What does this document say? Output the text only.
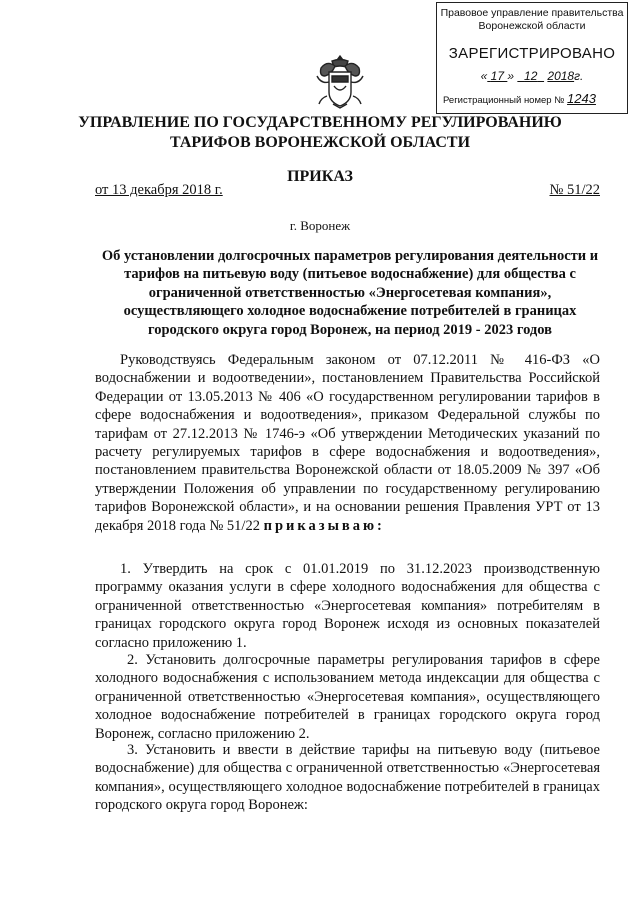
Правовое управление правительства
Воронежской области
ЗАРЕГИСТРИРОВАНО
« 17 »   12 2018г.
Регистрационный номер № 1243
УПРАВЛЕНИЕ ПО ГОСУДАРСТВЕННОМУ РЕГУЛИРОВАНИЮ
ТАРИФОВ ВОРОНЕЖСКОЙ ОБЛАСТИ
ПРИКАЗ
от 13 декабря 2018 г.	№ 51/22
г. Воронеж
Об установлении долгосрочных параметров регулирования деятельности и тарифов на питьевую воду (питьевое водоснабжение) для общества с ограниченной ответственностью «Энергосетевая компания», осуществляющего холодное водоснабжение потребителей в границах городского округа город Воронеж, на период 2019 - 2023 годов
Руководствуясь Федеральным законом от 07.12.2011 № 416-ФЗ «О водоснабжении и водоотведении», постановлением Правительства Российской Федерации от 13.05.2013 № 406 «О государственном регулировании тарифов в сфере водоснабжения и водоотведения», приказом Федеральной службы по тарифам от 27.12.2013 № 1746-э «Об утверждении Методических указаний по расчету регулируемых тарифов в сфере водоснабжения и водоотведения», постановлением правительства Воронежской области от 18.05.2009 № 397 «Об утверждении Положения об управлении по государственному регулированию тарифов Воронежской области», и на основании решения Правления УРТ от 13 декабря 2018 года № 51/22 приказываю:
1. Утвердить на срок с 01.01.2019 по 31.12.2023 производственную программу оказания услуги в сфере холодного водоснабжения для общества с ограниченной ответственностью «Энергосетевая компания» потребителям в границах городского округа город Воронеж исходя из основных показателей согласно приложению 1.
2. Установить долгосрочные параметры регулирования тарифов в сфере холодного водоснабжения с использованием метода индексации для общества с ограниченной ответственностью «Энергосетевая компания», осуществляющего холодное водоснабжение потребителей в границах городского округа город Воронеж, согласно приложению 2.
3. Установить и ввести в действие тарифы на питьевую воду (питьевое водоснабжение) для общества с ограниченной ответственностью «Энергосетевая компания», осуществляющего холодное водоснабжение потребителей в границах городского округа город Воронеж:
